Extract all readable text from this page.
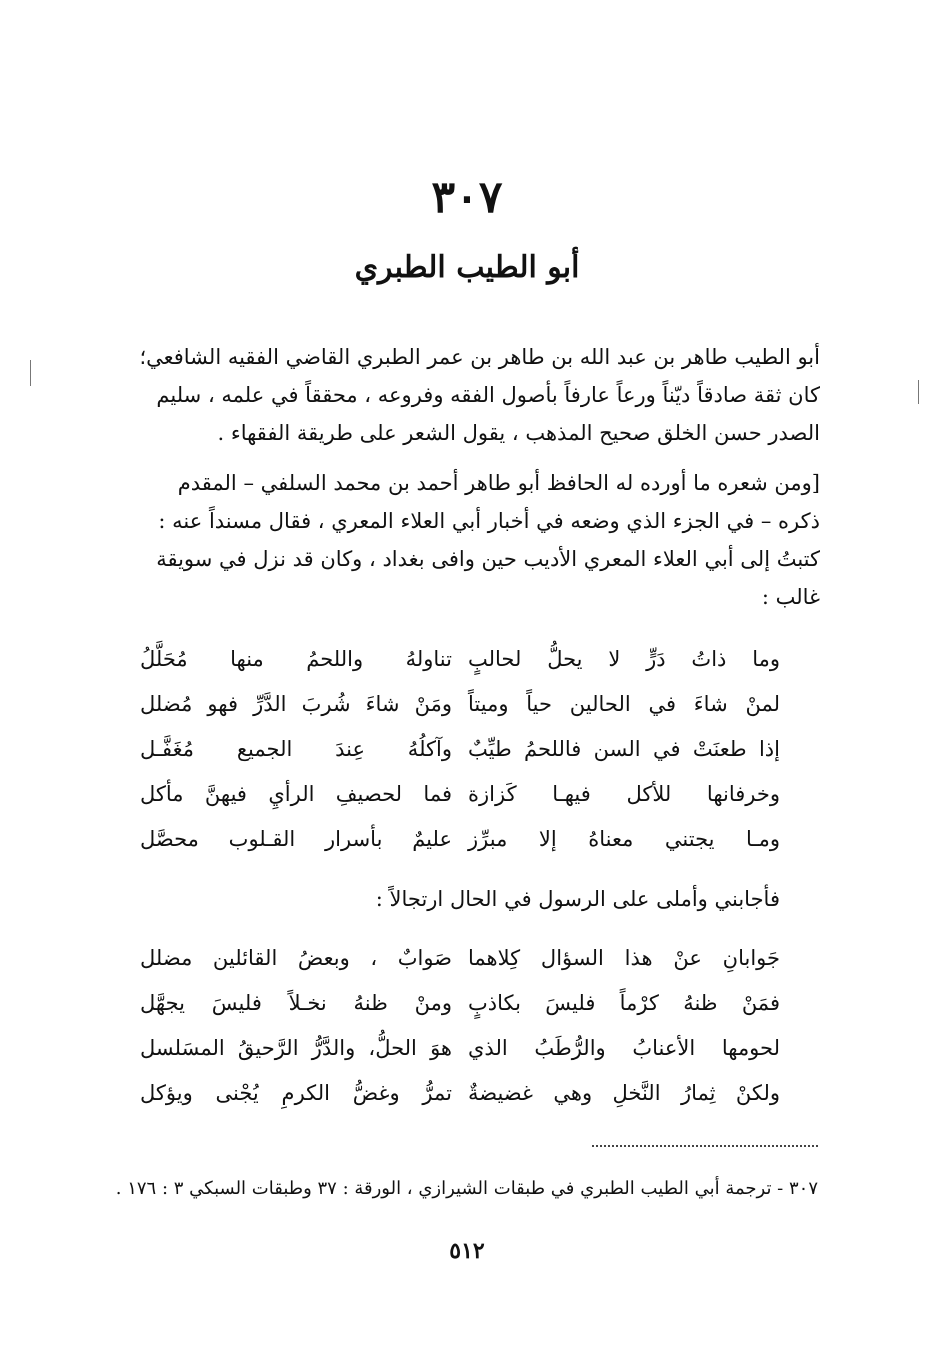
٣٠٧
أبو الطيب الطبري

أبو الطيب طاهر بن عبد الله بن طاهر بن عمر الطبري القاضي الفقيه الشافعي؛

كان ثقة صادقاً ديّناً ورعاً عارفاً بأصول الفقه وفروعه ، محققاً في علمه ، سليم

الصدر حسن الخلق صحيح المذهب ، يقول الشعر على طريقة الفقهاء .

[ومن شعره ما أورده له الحافظ أبو طاهر أحمد بن محمد السلفي – المقدم

ذكره – في الجزء الذي وضعه في أخبار أبي العلاء المعري ، فقال مسنداً عنه :

كتبتُ إلى أبي العلاء المعري الأديب حين وافى بغداد ، وكان قد نزل في سويقة

غالب :

وما ذاتُ دَرٍّ لا يحلُّ لحالبٍ
تناولهُ واللحمُ منها مُحَلَّلُ
لمنْ شاءَ في الحالين حياً وميتاً
ومَنْ شاءَ شُربَ الدَّرِّ فهو مُضلل
إذا طعنَتْ في السن فاللحمُ طيِّبٌ
وآكلُهُ عِندَ الجميع مُغَفَّـل
وخرفانها للأكل فيهـا كَزازة
فما لحصيفِ الرأيِ فيهنَّ مأكل
ومـا يجتني معناهُ إلا مبرِّز
عليمٌ بأسرار القـلوب محصَّل
فأجابني وأملى على الرسول في الحال ارتجالاً :
جَوابانِ عنْ هذا السؤال كِلاهما
صَوابٌ ، وبعضُ القائلين مضلل
فمَنْ ظنهُ كرْماً فليسَ بكاذبٍ
ومنْ ظنهُ نخـلاً فليسَ يجهَّل
لحومها الأعنابُ والرُّطَبُ الذي
هوَ الحلُّ، والدَّرُّ الرَّحيقُ المسَلسل
ولكنْ ثِمارُ النَّخلِ وهي غضيضةٌ
تمرُّ وغضُّ الكرمِ يُجْنى ويؤكل
٣٠٧ - ترجمة أبي الطيب الطبري في طبقات الشيرازي ، الورقة : ٣٧ وطبقات السبكي ٣ : ١٧٦ .
٥١٢
